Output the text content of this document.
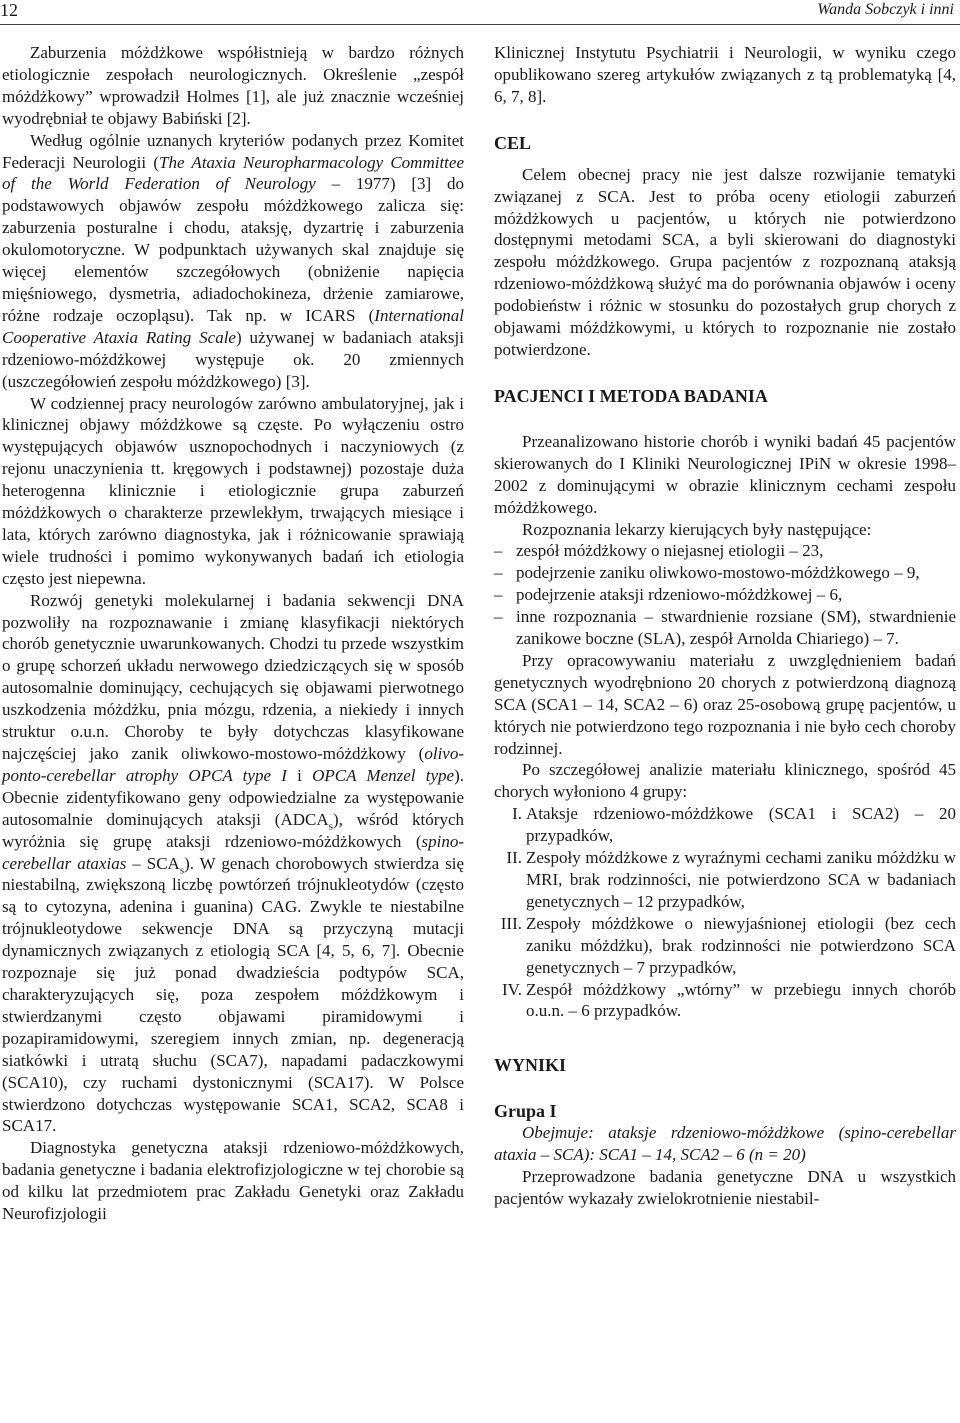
12	Wanda Sobczyk i inni

Zaburzenia móżdżkowe współistnieją w bardzo różnych etiologicznie zespołach neurologicznych. Określenie „zespół móżdżkowy” wprowadził Holmes [1], ale już znacznie wcześniej wyodrębniał te objawy Babiński [2].

Według ogólnie uznanych kryteriów podanych przez Komitet Federacji Neurologii (The Ataxia Neuropharmacology Committee of the World Federation of Neurology – 1977) [3] do podstawowych objawów zespołu móżdżkowego zalicza się: zaburzenia posturalne i chodu, ataksję, dyzartrię i zaburzenia okulomotoryczne. W podpunktach używanych skal znajduje się więcej elementów szczegółowych (obniżenie napięcia mięśniowego, dysmetria, adiadochokineza, drżenie zamiarowe, różne rodzaje oczopląsu). Tak np. w ICARS (International Cooperative Ataxia Rating Scale) używanej w badaniach ataksji rdzeniowo-móżdżkowej występuje ok. 20 zmiennych (uszczegółowień zespołu móżdżkowego) [3].

W codziennej pracy neurologów zarówno ambulatoryjnej, jak i klinicznej objawy móżdżkowe są częste. Po wyłączeniu ostro występujących objawów usznopochodnych i naczyniowych (z rejonu unaczynienia tt. kręgowych i podstawnej) pozostaje duża heterogenna klinicznie i etiologicznie grupa zaburzeń móżdżkowych o charakterze przewlekłym, trwających miesiące i lata, których zarówno diagnostyka, jak i różnicowanie sprawiają wiele trudności i pomimo wykonywanych badań ich etiologia często jest niepewna.

Rozwój genetyki molekularnej i badania sekwencji DNA pozwoliły na rozpoznawanie i zmianę klasyfikacji niektórych chorób genetycznie uwarunkowanych. Chodzi tu przede wszystkim o grupę schorzeń układu nerwowego dziedziczących się w sposób autosomalnie dominujący, cechujących się objawami pierwotnego uszkodzenia móżdżku, pnia mózgu, rdzenia, a niekiedy i innych struktur o.u.n. Choroby te były dotychczas klasyfikowane najczęściej jako zanik oliwkowo-mostowo-móżdżkowy (olivo-ponto-cerebellar atrophy OPCA type I i OPCA Menzel type). Obecnie zidentyfikowano geny odpowiedzialne za występowanie autosomalnie dominujących ataksji $(ADCA_s)$, wśród których wyróżnia się grupę ataksji rdzeniowo-móżdżkowych (spino-cerebellar ataxias – $SCA_s$). W genach chorobowych stwierdza się niestabilną, zwiększoną liczbę powtórzeń trójnukleotydów (często są to cytozyna, adenina i guanina) CAG. Zwykle te niestabilne trójnukleotydowe sekwencje DNA są przyczyną mutacji dynamicznych związanych z etiologią SCA [4, 5, 6, 7]. Obecnie rozpoznaje się już ponad dwadzieścia podtypów SCA, charakteryzujących się, poza zespołem móżdżkowym i stwierdzanymi często objawami piramidowymi i pozapiramidowymi, szeregiem innych zmian, np. degeneracją siatkówki i utratą słuchu (SCA7), napadami padaczkowymi (SCA10), czy ruchami dystonicznymi (SCA17). W Polsce stwierdzono dotychczas występowanie SCA1, SCA2, SCA8 i SCA17.

Diagnostyka genetyczna ataksji rdzeniowo-móżdżkowych, badania genetyczne i badania elektrofizjologiczne w tej chorobie są od kilku lat przedmiotem prac Zakładu Genetyki oraz Zakładu Neurofizjologii

Klinicznej Instytutu Psychiatrii i Neurologii, w wyniku czego opublikowano szereg artykułów związanych z tą problematyką [4, 6, 7, 8].

CEL

Celem obecnej pracy nie jest dalsze rozwijanie tematyki związanej z SCA. Jest to próba oceny etiologii zaburzeń móżdżkowych u pacjentów, u których nie potwierdzono dostępnymi metodami SCA, a byli skierowani do diagnostyki zespołu móżdżkowego. Grupa pacjentów z rozpoznaną ataksją rdzeniowo-móżdżkową służyć ma do porównania objawów i oceny podobieństw i różnic w stosunku do pozostałych grup chorych z objawami móżdżkowymi, u których to rozpoznanie nie zostało potwierdzone.

PACJENCI I METODA BADANIA

Przeanalizowano historie chorób i wyniki badań 45 pacjentów skierowanych do I Kliniki Neurologicznej IPiN w okresie 1998–2002 z dominującymi w obrazie klinicznym cechami zespołu móżdżkowego.

Rozpoznania lekarzy kierujących były następujące:

– zespół móżdżkowy o niejasnej etiologii – 23,
– podejrzenie zaniku oliwkowo-mostowo-móżdżkowego – 9,
– podejrzenie ataksji rdzeniowo-móżdżkowej – 6,
– inne rozpoznania – stwardnienie rozsiane (SM), stwardnienie zanikowe boczne (SLA), zespół Arnolda Chiariego) – 7.

Przy opracowywaniu materiału z uwzględnieniem badań genetycznych wyodrębniono 20 chorych z potwierdzoną diagnozą SCA (SCA1 – 14, SCA2 – 6) oraz 25-osobową grupę pacjentów, u których nie potwierdzono tego rozpoznania i nie było cech choroby rodzinnej.

Po szczegółowej analizie materiału klinicznego, spośród 45 chorych wyłoniono 4 grupy:

I. Ataksje rdzeniowo-móżdżkowe (SCA1 i SCA2) – 20 przypadków,
II. Zespoły móżdżkowe z wyraźnymi cechami zaniku móżdżku w MRI, brak rodzinności, nie potwierdzono SCA w badaniach genetycznych – 12 przypadków,
III. Zespoły móżdżkowe o niewyjaśnionej etiologii (bez cech zaniku móżdżku), brak rodzinności nie potwierdzono SCA genetycznych – 7 przypadków,
IV. Zespół móżdżkowy „wtórny” w przebiegu innych chorób o.u.n. – 6 przypadków.
WYNIKI
Grupa I

Obejmuje: ataksje rdzeniowo-móżdżkowe (spino-cerebellar ataxia – SCA): SCA1 – 14, SCA2 – 6 (n = 20)

Przeprowadzone badania genetyczne DNA u wszystkich pacjentów wykazały zwielokrotnienie niestabil-
